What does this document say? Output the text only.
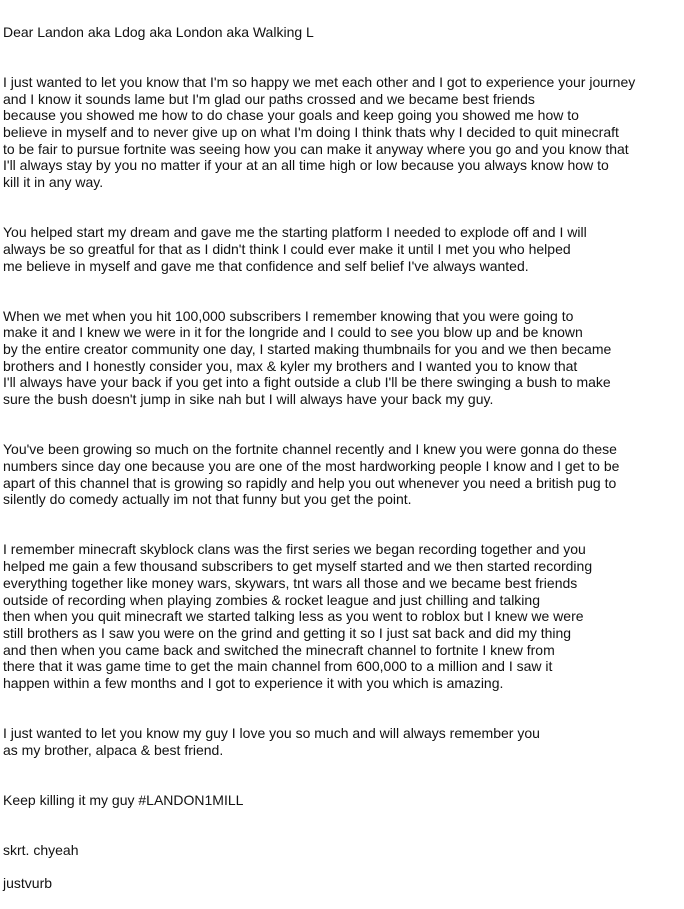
Dear Landon aka Ldog aka London aka Walking L

I just wanted to let you know that I'm so happy we met each other and I got to experience your journey
and I know it sounds lame but I'm glad our paths crossed and we became best friends
because you showed me how to do chase your goals and keep going you showed me how to
believe in myself and to never give up on what I'm doing I think thats why I decided to quit minecraft
to be fair to pursue fortnite was seeing how you can make it anyway where you go and you know that
I'll always stay by you no matter if your at an all time high or low because you always know how to
kill it in any way.

You helped start my dream and gave me the starting platform I needed to explode off and I will
always be so greatful for that as I didn't think I could ever make it until I met you who helped
me believe in myself and gave me that confidence and self belief I've always wanted.

When we met when you hit 100,000 subscribers I remember knowing that you were going to
make it and I knew we were in it for the longride and I could to see you blow up and be known
by the entire creator community one day, I started making thumbnails for you and we then became
brothers and I honestly consider you, max & kyler my brothers and I wanted you to know that
I'll always have your back if you get into a fight outside a club I'll be there swinging a bush to make
sure the bush doesn't jump in sike nah but I will always have your back my guy.

You've been growing so much on the fortnite channel recently and I knew you were gonna do these
numbers since day one because you are one of the most hardworking people I know and I get to be
apart of this channel that is growing so rapidly and help you out whenever you need a british pug to
silently do comedy actually im not that funny but you get the point.

I remember minecraft skyblock clans was the first series we began recording together and you
helped me gain a few thousand subscribers to get myself started and we then started recording
everything together like money wars, skywars, tnt wars all those and we became best friends
outside of recording when playing zombies & rocket league and just chilling and talking
then when you quit minecraft we started talking less as you went to roblox but I knew we were
still brothers as I saw you were on the grind and getting it so I just sat back and did my thing
and then when you came back and switched the minecraft channel to fortnite I knew from
there that it was game time to get the main channel from 600,000 to a million and I saw it
happen within a few months and I got to experience it with you which is amazing.

I just wanted to let you know my guy I love you so much and will always remember you
as my brother, alpaca & best friend.

Keep killing it my guy #LANDON1MILL

skrt. chyeah

justvurb
